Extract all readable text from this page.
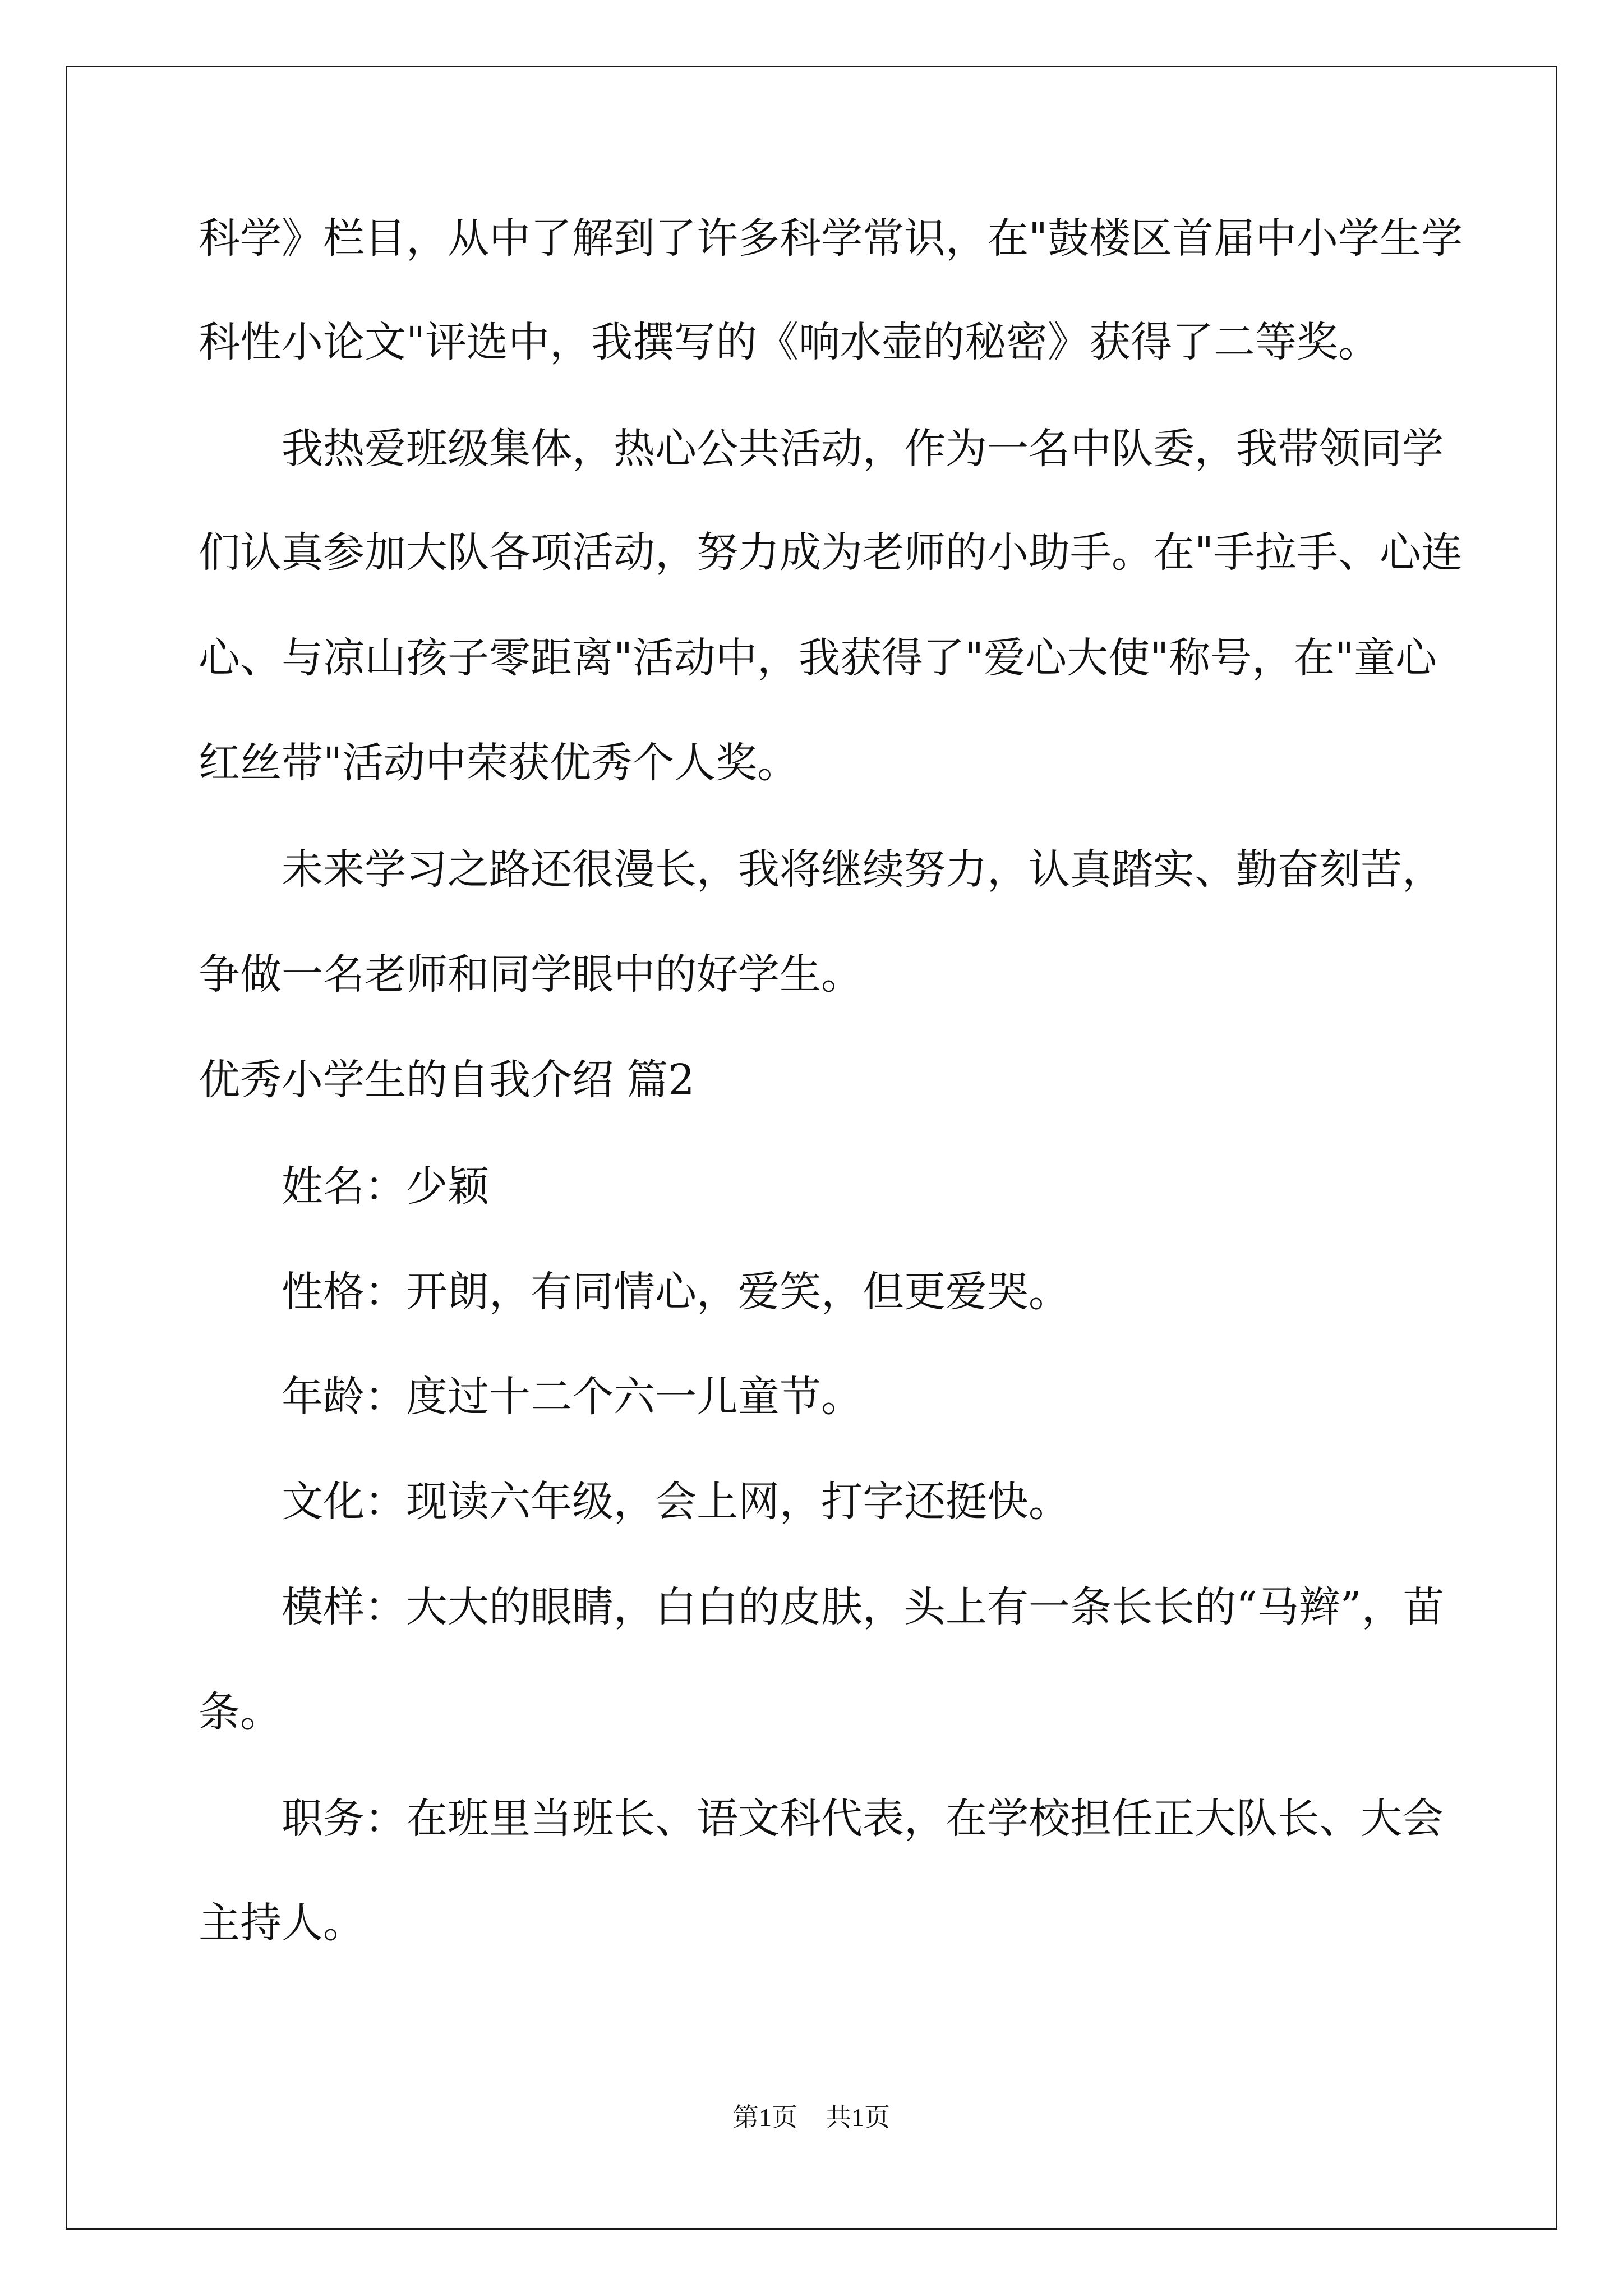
科学》栏目，从中了解到了许多科学常识，在"鼓楼区首届中小学生学
科性小论文"评选中，我撰写的《响水壶的秘密》获得了二等奖。
我热爱班级集体，热心公共活动，作为一名中队委，我带领同学
们认真参加大队各项活动，努力成为老师的小助手。在"手拉手、心连
心、与凉山孩子零距离"活动中，我获得了"爱心大使"称号，在"童心
红丝带"活动中荣获优秀个人奖。
未来学习之路还很漫长，我将继续努力，认真踏实、勤奋刻苦，
争做一名老师和同学眼中的好学生。
优秀小学生的自我介绍 篇2
姓名：少颖
性格：开朗，有同情心，爱笑，但更爱哭。
年龄：度过十二个六一儿童节。
文化：现读六年级，会上网，打字还挺快。
模样：大大的眼睛，白白的皮肤，头上有一条长长的“马辫”，苗
条。
职务：在班里当班长、语文科代表，在学校担任正大队长、大会
主持人。
第1页 共1页
